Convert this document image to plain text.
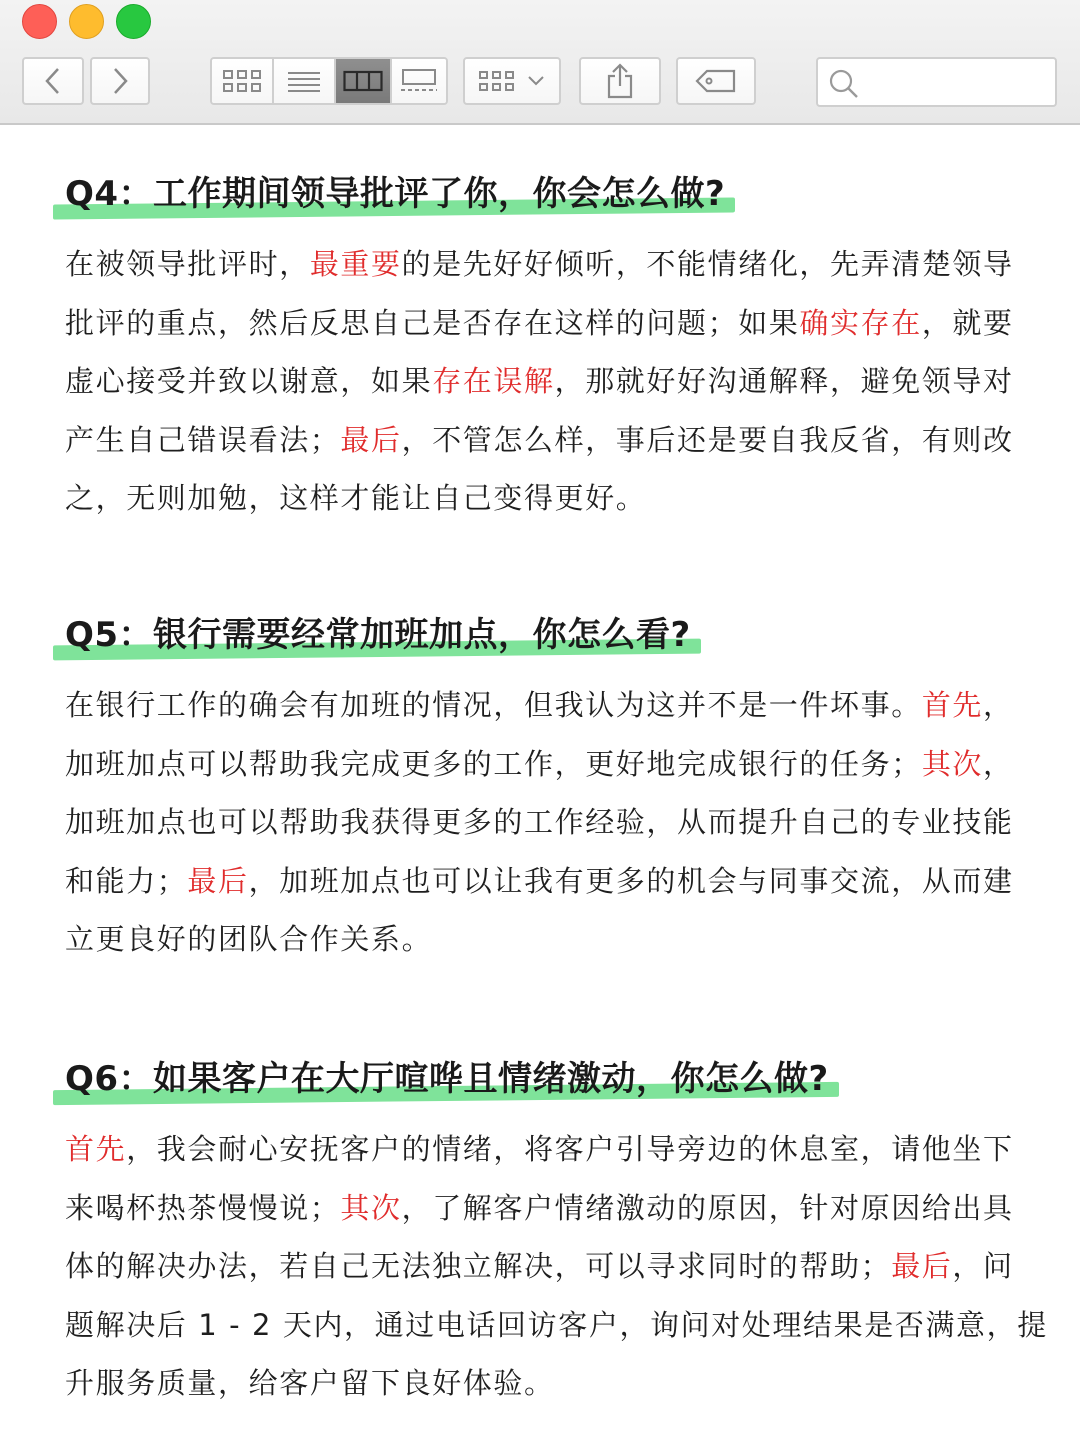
Q4：工作期间领导批评了你，你会怎么做?
在被领导批评时，最重要的是先好好倾听，不能情绪化，先弄清楚领导
批评的重点，然后反思自己是否存在这样的问题；如果确实存在，就要
虚心接受并致以谢意，如果存在误解，那就好好沟通解释，避免领导对
产生自己错误看法；最后，不管怎么样，事后还是要自我反省，有则改
之，无则加勉，这样才能让自己变得更好。
Q5：银行需要经常加班加点，你怎么看?
在银行工作的确会有加班的情况，但我认为这并不是一件坏事。首先，
加班加点可以帮助我完成更多的工作，更好地完成银行的任务；其次，
加班加点也可以帮助我获得更多的工作经验，从而提升自己的专业技能
和能力；最后，加班加点也可以让我有更多的机会与同事交流，从而建
立更良好的团队合作关系。
Q6：如果客户在大厅喧哗且情绪激动，你怎么做?
首先，我会耐心安抚客户的情绪，将客户引导旁边的休息室，请他坐下
来喝杯热茶慢慢说；其次，了解客户情绪激动的原因，针对原因给出具
体的解决办法，若自己无法独立解决，可以寻求同时的帮助；最后，问
题解决后 1 - 2 天内，通过电话回访客户，询问对处理结果是否满意，提
升服务质量，给客户留下良好体验。
